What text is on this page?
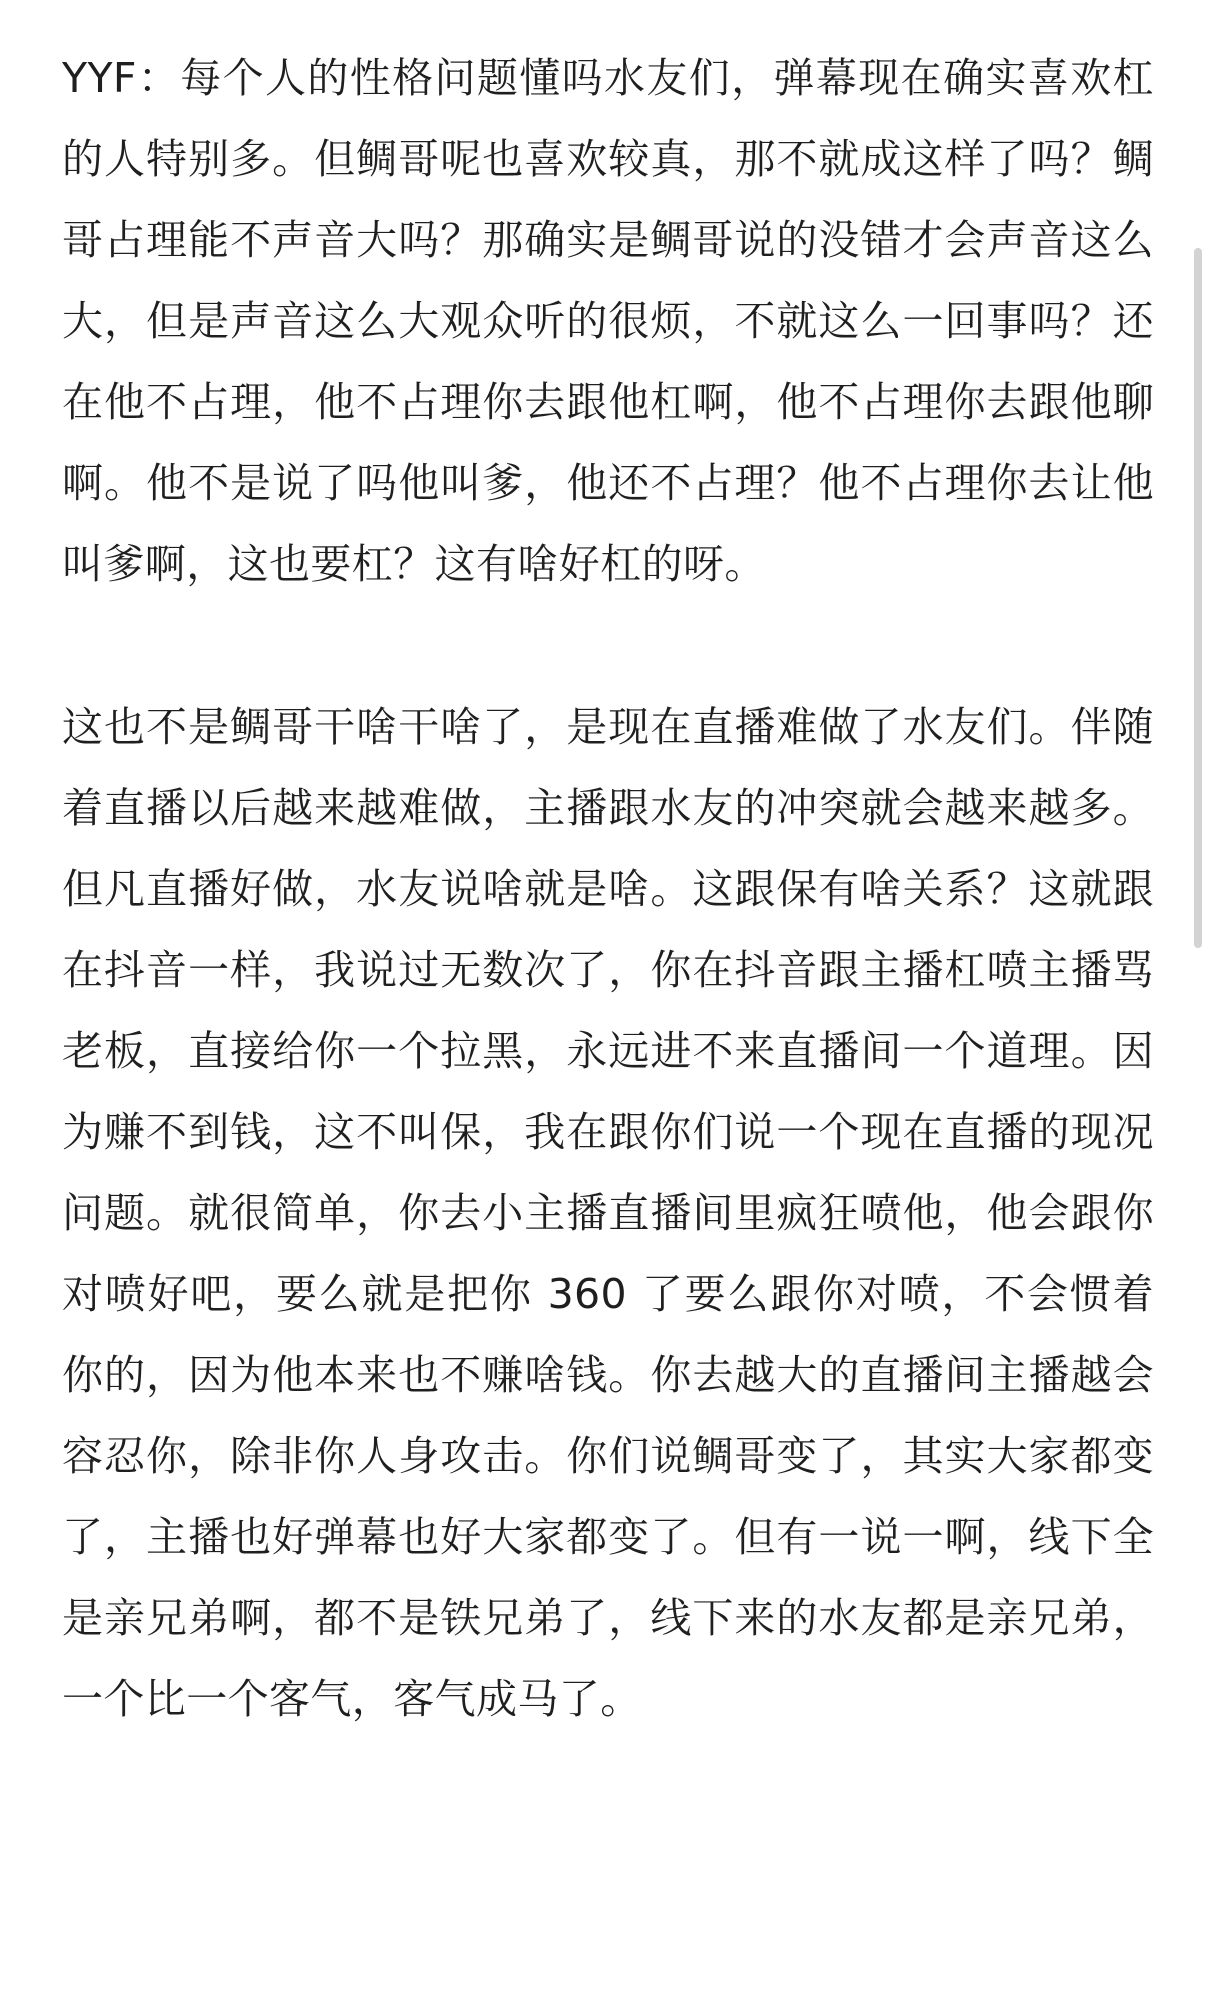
YYF：每个人的性格问题懂吗水友们，弹幕现在确实喜欢杠的人特别多。但鲷哥呢也喜欢较真，那不就成这样了吗？鲷哥占理能不声音大吗？那确实是鲷哥说的没错才会声音这么大，但是声音这么大观众听的很烦，不就这么一回事吗？还在他不占理，他不占理你去跟他杠啊，他不占理你去跟他聊啊。他不是说了吗他叫爹，他还不占理？他不占理你去让他叫爹啊，这也要杠？这有啥好杠的呀。

这也不是鲷哥干啥干啥了，是现在直播难做了水友们。伴随着直播以后越来越难做，主播跟水友的冲突就会越来越多。但凡直播好做，水友说啥就是啥。这跟保有啥关系？这就跟在抖音一样，我说过无数次了，你在抖音跟主播杠喷主播骂老板，直接给你一个拉黑，永远进不来直播间一个道理。因为赚不到钱，这不叫保，我在跟你们说一个现在直播的现况问题。就很简单，你去小主播直播间里疯狂喷他，他会跟你对喷好吧，要么就是把你 360 了要么跟你对喷，不会惯着你的，因为他本来也不赚啥钱。你去越大的直播间主播越会容忍你，除非你人身攻击。你们说鲷哥变了，其实大家都变了，主播也好弹幕也好大家都变了。但有一说一啊，线下全是亲兄弟啊，都不是铁兄弟了，线下来的水友都是亲兄弟，一个比一个客气，客气成马了。
